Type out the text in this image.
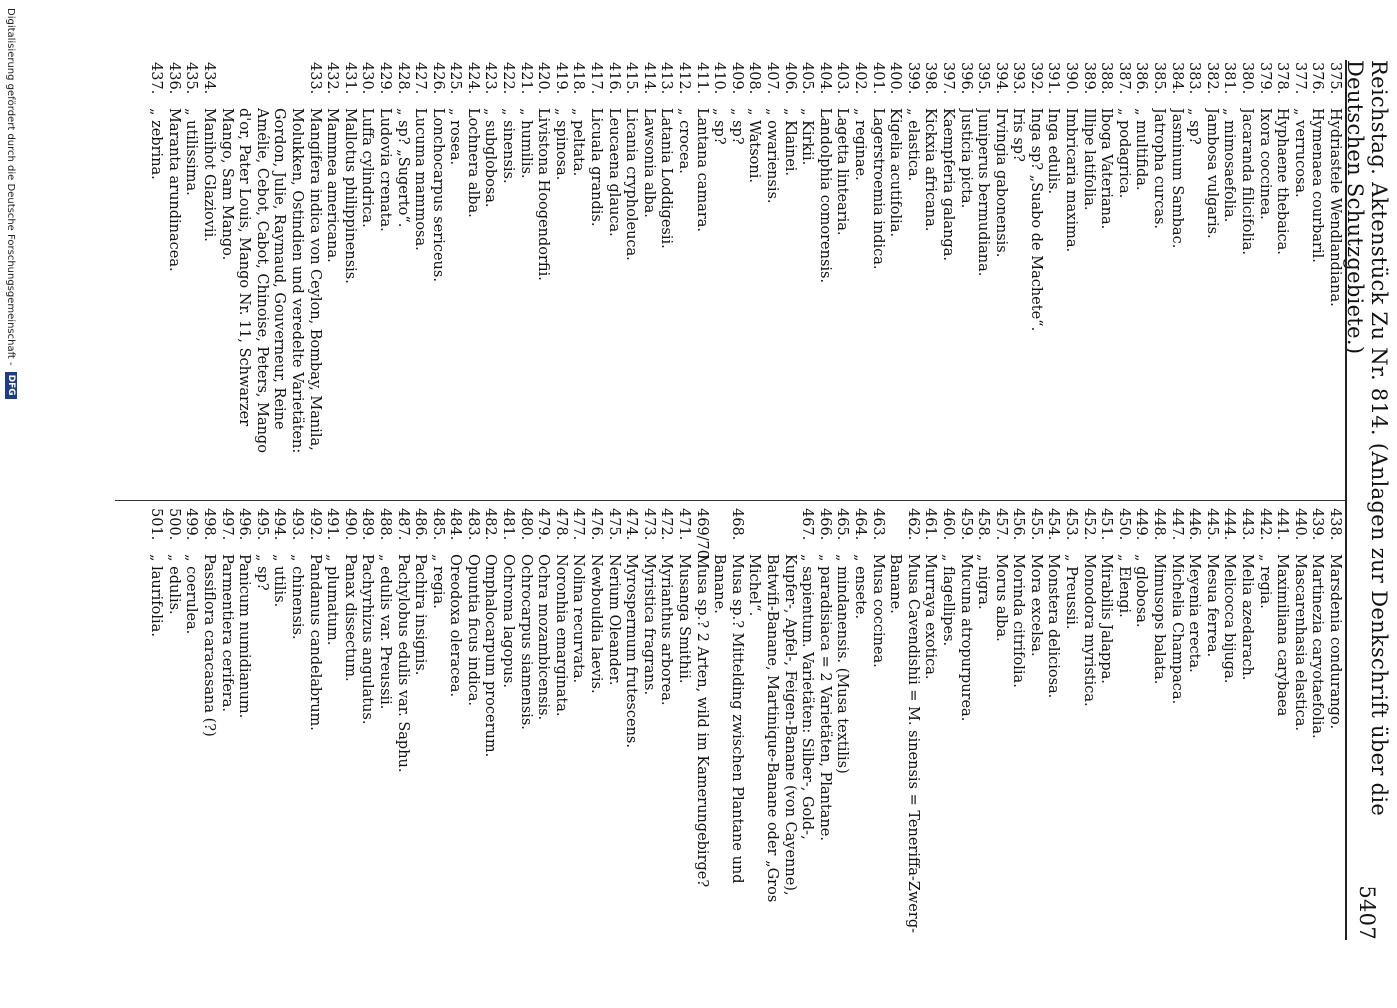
Reichstag. Aktenstück Zu Nr. 814. (Anlagen zur Denkschrift über die Deutschen Schutzgebiete.)
5407
375.
Hydriastele Wendlandiana.
376.
Hymenaea courbaril.
377.
„ verrucosa.
378.
Hyphaene thebaica.
379.
Ixora coccinea.
380.
Jacaranda filicifolia.
381.
„ mimosaefolia.
382.
Jambosa vulgaris.
383.
„ sp?
384.
Jasminum Sambac.
385.
Jatropha curcas.
386.
„ multifida.
387.
„ podagrica.
388.
Iboga Vateriana.
389.
Illipe latifolia.
390.
Imbricaria maxima.
391.
Inga edulis.
392.
Inga sp? „Suabo de Machete“.
393.
Iris sp?
394.
Irvingia gabonensis.
395.
Juniperus bermudiana.
396.
Justicia picta.
397.
Kaempferia galanga.
398.
Kickxia africana.
399.
„ elastica.
400.
Kigelia acutifolia.
401.
Lagerstroemia indica.
402.
„ reginae.
403.
Lagetta lintearia.
404.
Landolphia comorensis.
405.
„ Kirkii.
406.
„ Klainei.
407.
„ owariensis.
408.
„ Watsoni.
409.
„ sp?
410.
„ sp?
411.
Lantana camara.
412.
„ crocea.
413.
Latania Loddigesii.
414.
Lawsonia alba.
415.
Licania crypholeuca.
416.
Leucaena glauca.
417.
Licuala grandis.
418.
„ peltata.
419.
„ spinosa.
420.
Livistona Hoogendorfii.
421.
„ humilis.
422.
„ sinensis.
423.
„ subglobosa.
424.
Lochnera alba.
425.
„ rosea.
426.
Lonchocarpus sericeus.
427.
Lucuma mammosa.
428.
„ sp? „Sugerto“.
429.
Ludovia crenata.
430.
Luffa cylindrica.
431.
Mallotus philippinensis.
432.
Mammea americana.
433.
Mangifera indica von Ceylon, Bombay, Manila,
Molukken, Ostindien und veredelte Varietäten:
Gordon, Julie, Raymaud, Gouverneur, Reine
Amélie, Cebot, Cabot, Chinoise, Peters, Mango
d'or, Pater Louis, Mango Nr. 11, Schwarzer
Mango, Sam Mango.
434.
Manihot Glaziovii.
435.
„ utilissima.
436.
Maranta arundinacea.
437.
„ zebrina.
438.
Marsdenia condurango.
439.
Martinezia caryotaefolia.
440.
Mascarenhasia elastica.
441.
Maximiliana carybaea
442.
„ regia.
443.
Melia azedarach.
444.
Melicocca bijuga.
445.
Mesua ferrea.
446.
Meyenia erecta.
447.
Michelia Champaca.
448.
Mimusops balata.
449.
„ globosa.
450.
„ Elengi.
451.
Mirabilis Jalappa.
452.
Monodora myristica.
453.
„ Preussii.
454.
Monstera deliciosa.
455.
Mora excelsa.
456.
Morinda citrifolia.
457.
Morus alba.
458.
„ nigra.
459.
Mucuna atropurpurea.
460.
„ flagellipes.
461.
Murraya exotica.
462.
Musa Cavendishii = M. sinensis = Teneriffa-Zwerg-
Banane.
463.
Musa coccinea.
464.
„ ensete.
465.
„ mindanensis. (Musa textilis)
466.
„ paradisiaca = 2 Varietäten, Plantane.
467.
„ sapientum. Varietäten: Silber-, Gold-,
Kupfer-, Apfel-, Feigen-Banane (von Cayenne),
Batwifi-Banane, Martinique-Banane oder „Gros
Michel“.
468.
Musa sp.? Mittelding zwischen Plantane und
Banane.
469/70.
Musa sp.? 2 Arten, wild im Kamerungebirge?
471.
Musanga Smithii.
472.
Myrianthus arborea.
473.
Myristica fragrans.
474.
Myrospermum frutescens.
475.
Nerium Oleander.
476.
Newbouldia laevis.
477.
Nolina recurvata.
478.
Noronhia emarginata.
479.
Ochra mozambicensis.
480.
Ochrocarpus siamensis.
481.
Ochroma lagopus.
482.
Omphalocarpum procerum.
483.
Opuntia ficus indica.
484.
Oreodoxa oleracea.
485.
„ regia.
486.
Pachira insignis.
487.
Pachylobus edulis var. Saphu.
488.
„ edulis var. Preussii.
489.
Pachyrhizus angulatus.
490.
Panax dissectum.
491.
„ plumatum.
492.
Pandanus candelabrum.
493.
„ chinensis.
494.
„ utilis.
495.
„ sp?
496.
Panicum numidianum.
497.
Parmentiera cerifera.
498.
Passiflora caracasana (?)
499.
„ coerulea.
500.
„ edulis.
501.
„ laurifolia.
Digitalisierung gefördert durch die Deutsche Forschungsgemeinschaft -
DFG
